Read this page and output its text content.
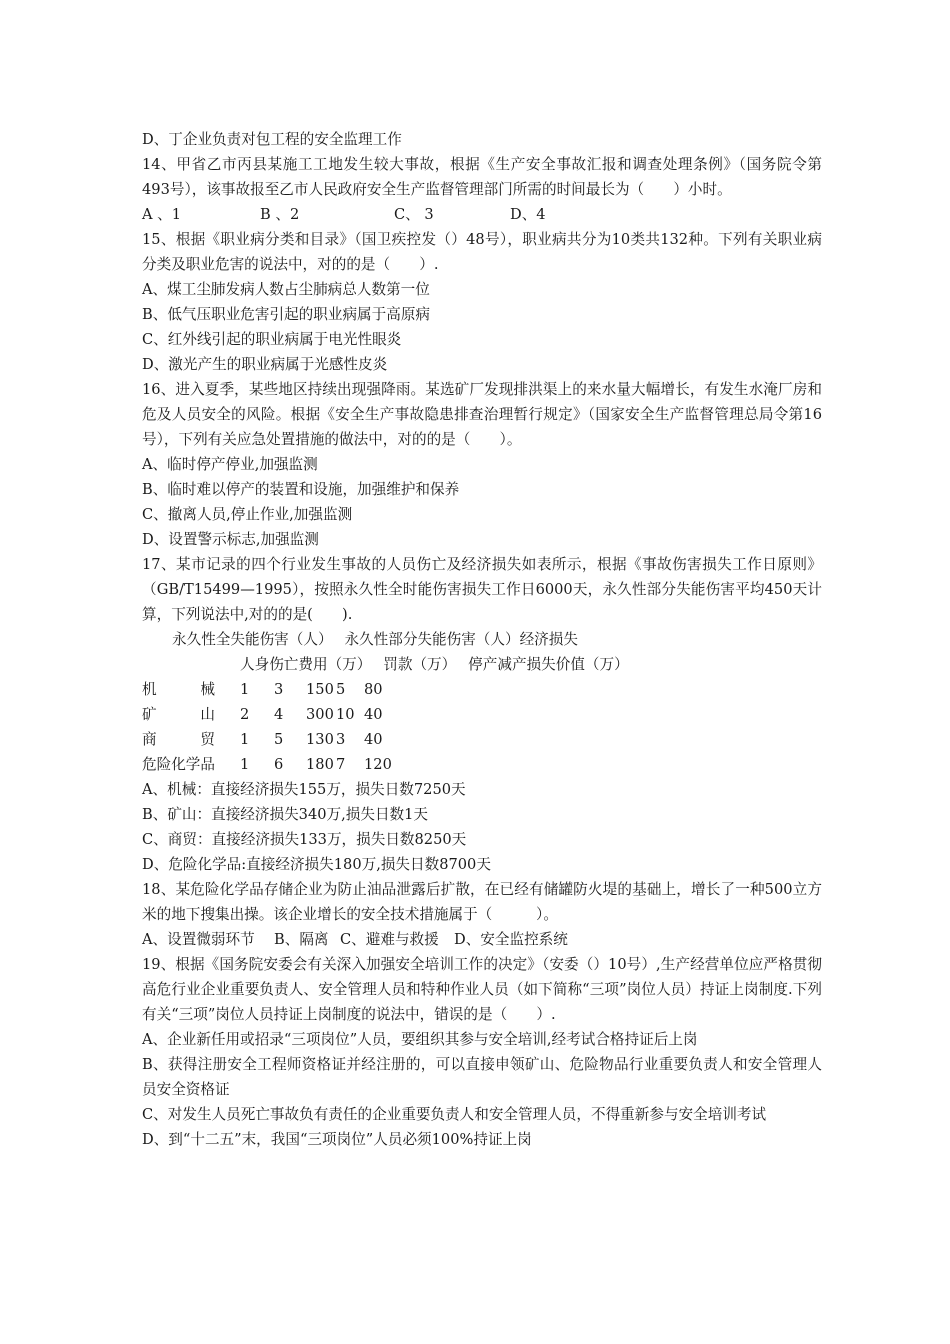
D、丁企业负责对包工程的安全监理工作

14、甲省乙市丙县某施工工地发生较大事故，根据《生产安全事故汇报和调查处理条例》（国务院令第493号），该事故报至乙市人民政府安全生产监督管理部门所需的时间最长为（　　）小时。

A 、1	B 、2	C、 3	D、4

15、根据《职业病分类和目录》（国卫疾控发（）48号），职业病共分为10类共132种。下列有关职业病分类及职业危害的说法中，对的的是（　　）.

A、煤工尘肺发病人数占尘肺病总人数第一位

B、低气压职业危害引起的职业病属于高原病

C、红外线引起的职业病属于电光性眼炎

D、激光产生的职业病属于光感性皮炎

16、进入夏季，某些地区持续出现强降雨。某选矿厂发现排洪渠上的来水量大幅增长，有发生水淹厂房和危及人员安全的风险。根据《安全生产事故隐患排查治理暂行规定》（国家安全生产监督管理总局令第16号），下列有关应急处置措施的做法中，对的的是（　　）。

A、临时停产停业,加强监测

B、临时难以停产的装置和设施，加强维护和保养

C、撤离人员,停止作业,加强监测

D、设置警示标志,加强监测

17、某市记录的四个行业发生事故的人员伤亡及经济损失如表所示，根据《事故伤害损失工作日原则》（GB/T15499—1995），按照永久性全时能伤害损失工作日6000天，永久性部分失能伤害平均450天计算，下列说法中,对的的是(　　).

永久性全失能伤害（人）　 永久性部分失能伤害（人）经济损失

人身伤亡费用（万）　 罚款（万）　 停产减产损失价值（万）

机　　　械 1 3 150 5 80

矿　　　山 2 4 300 10 40

商　　　贸 1 5 130 3 40

危险化学品 1 6 180 7 120

A、机械：直接经济损失155万，损失日数7250天

B、矿山：直接经济损失340万,损失日数1天

C、商贸：直接经济损失133万，损失日数8250天

D、危险化学品:直接经济损失180万,损失日数8700天

18、某危险化学品存储企业为防止油品泄露后扩散，在已经有储罐防火堤的基础上，增长了一种500立方米的地下搜集出操。该企业增长的安全技术措施属于（　　　）。

A、设置微弱环节 B、隔离 C、避难与救援 D、安全监控系统

19、根据《国务院安委会有关深入加强安全培训工作的决定》（安委（）10号）,生产经营单位应严格贯彻高危行业企业重要负责人、安全管理人员和特种作业人员（如下简称“三项”岗位人员）持证上岗制度.下列有关“三项”岗位人员持证上岗制度的说法中，错误的是（　　）.

A、企业新任用或招录“三项岗位”人员，要组织其参与安全培训,经考试合格持证后上岗

B、获得注册安全工程师资格证并经注册的，可以直接申领矿山、危险物品行业重要负责人和安全管理人员安全资格证

C、对发生人员死亡事故负有责任的企业重要负责人和安全管理人员，不得重新参与安全培训考试

D、到“十二五”末，我国“三项岗位”人员必须100%持证上岗
